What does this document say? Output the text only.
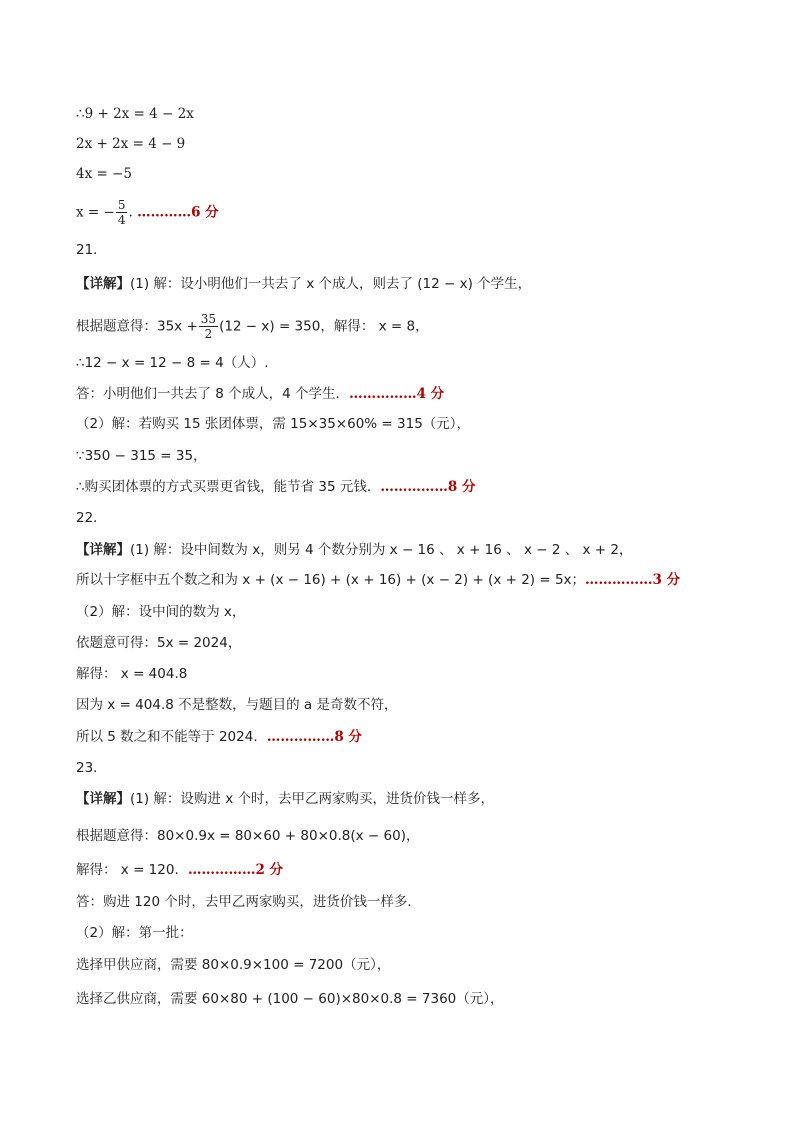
∴9 + 2x = 4 − 2x
2x + 2x = 4 − 9
4x = −5
x = − $\frac{5}{4}$ . …………6 分
21．
【详解】(1) 解：设小明他们一共去了 x 个成人，则去了 (12 − x) 个学生，
根据题意得：$35x + \frac{35}{2} (12 - x) = 350$，解得： x = 8，
∴12 − x = 12 − 8 = 4（人）.
答：小明他们一共去了 8 个成人，4 个学生．……………4 分
（2）解：若购买 15 张团体票，需 15×35×60% = 315（元），
∵350 − 315 = 35，
∴购买团体票的方式买票更省钱，能节省 35 元钱．……………8 分
22．
【详解】(1) 解：设中间数为 x，则另 4 个数分别为 x − 16 、 x + 16 、 x − 2 、 x + 2，
所以十字框中五个数之和为 x + (x − 16) + (x + 16) + (x − 2) + (x + 2) = 5x；……………3 分
（2）解：设中间的数为 x，
依题意可得：5x = 2024，
解得： x = 404.8
因为 x = 404.8 不是整数，与题目的 a 是奇数不符，
所以 5 数之和不能等于 2024．……………8 分
23．
【详解】(1) 解：设购进 x 个时，去甲乙两家购买，进货价钱一样多，
根据题意得：80×0.9x = 80×60 + 80×0.8(x − 60)，
解得： x = 120．……………2 分
答：购进 120 个时，去甲乙两家购买，进货价钱一样多．
（2）解：第一批：
选择甲供应商，需要 80×0.9×100 = 7200（元），
选择乙供应商，需要 60×80 + (100 − 60)×80×0.8 = 7360（元），
